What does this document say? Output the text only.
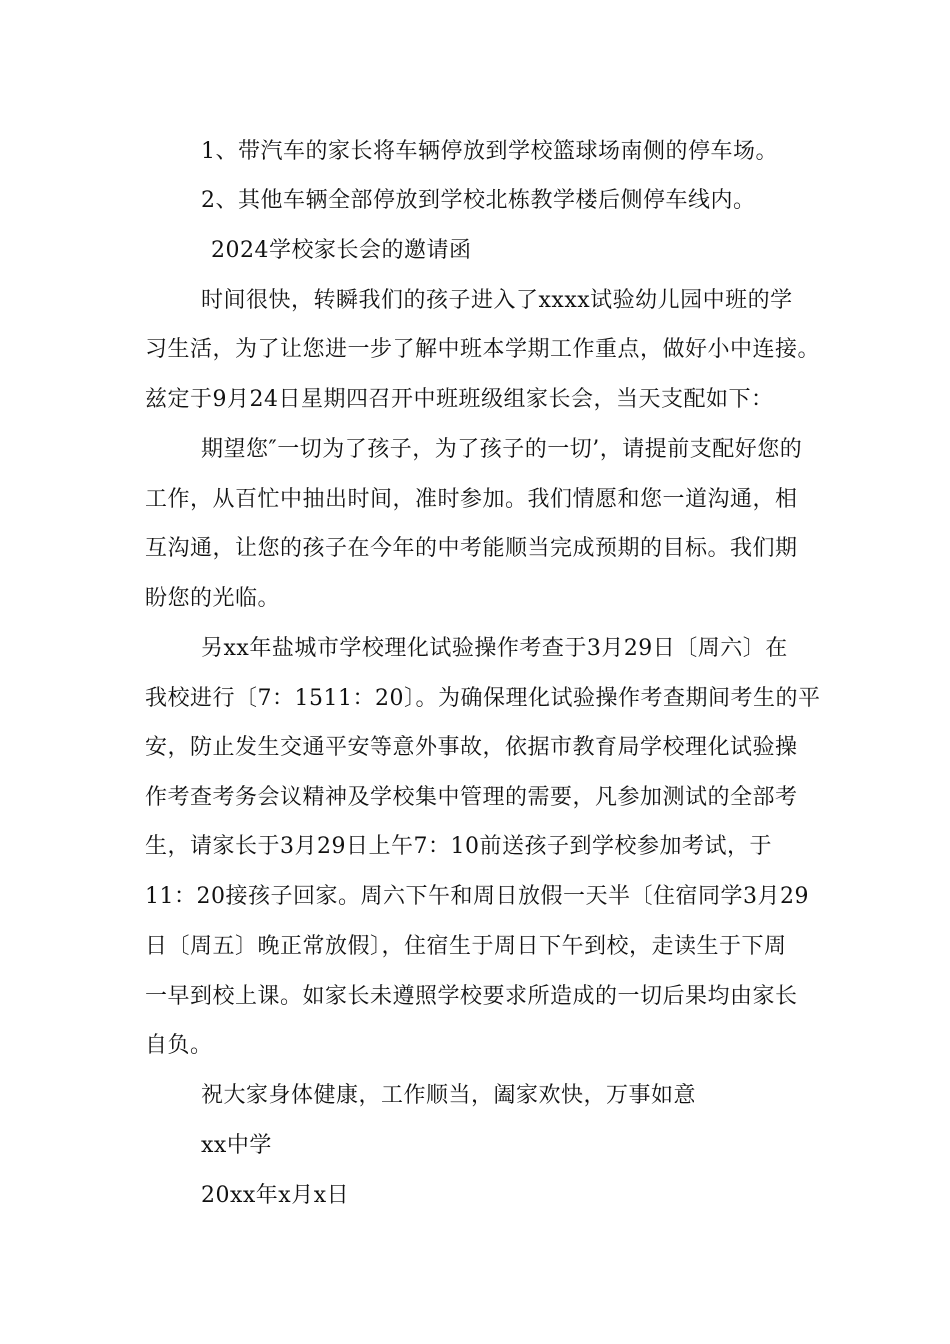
1、带汽车的家长将车辆停放到学校篮球场南侧的停车场。
2、其他车辆全部停放到学校北栋教学楼后侧停车线内。
2024学校家长会的邀请函
时间很快，转瞬我们的孩子进入了xxxx试验幼儿园中班的学
习生活，为了让您进一步了解中班本学期工作重点，做好小中连接。
兹定于9月24日星期四召开中班班级组家长会，当天支配如下：
期望您″一切为了孩子，为了孩子的一切’，请提前支配好您的
工作，从百忙中抽出时间，准时参加。我们情愿和您一道沟通，相
互沟通，让您的孩子在今年的中考能顺当完成预期的目标。我们期
盼您的光临。
另xx年盐城市学校理化试验操作考查于3月29日〔周六〕在
我校进行〔7：1511：20〕。为确保理化试验操作考查期间考生的平
安，防止发生交通平安等意外事故，依据市教育局学校理化试验操
作考查考务会议精神及学校集中管理的需要，凡参加测试的全部考
生，请家长于3月29日上午7：10前送孩子到学校参加考试，于
11：20接孩子回家。周六下午和周日放假一天半〔住宿同学3月29
日〔周五〕晚正常放假〕，住宿生于周日下午到校，走读生于下周
一早到校上课。如家长未遵照学校要求所造成的一切后果均由家长
自负。
祝大家身体健康，工作顺当，阖家欢快，万事如意
xx中学
20xx年x月x日
